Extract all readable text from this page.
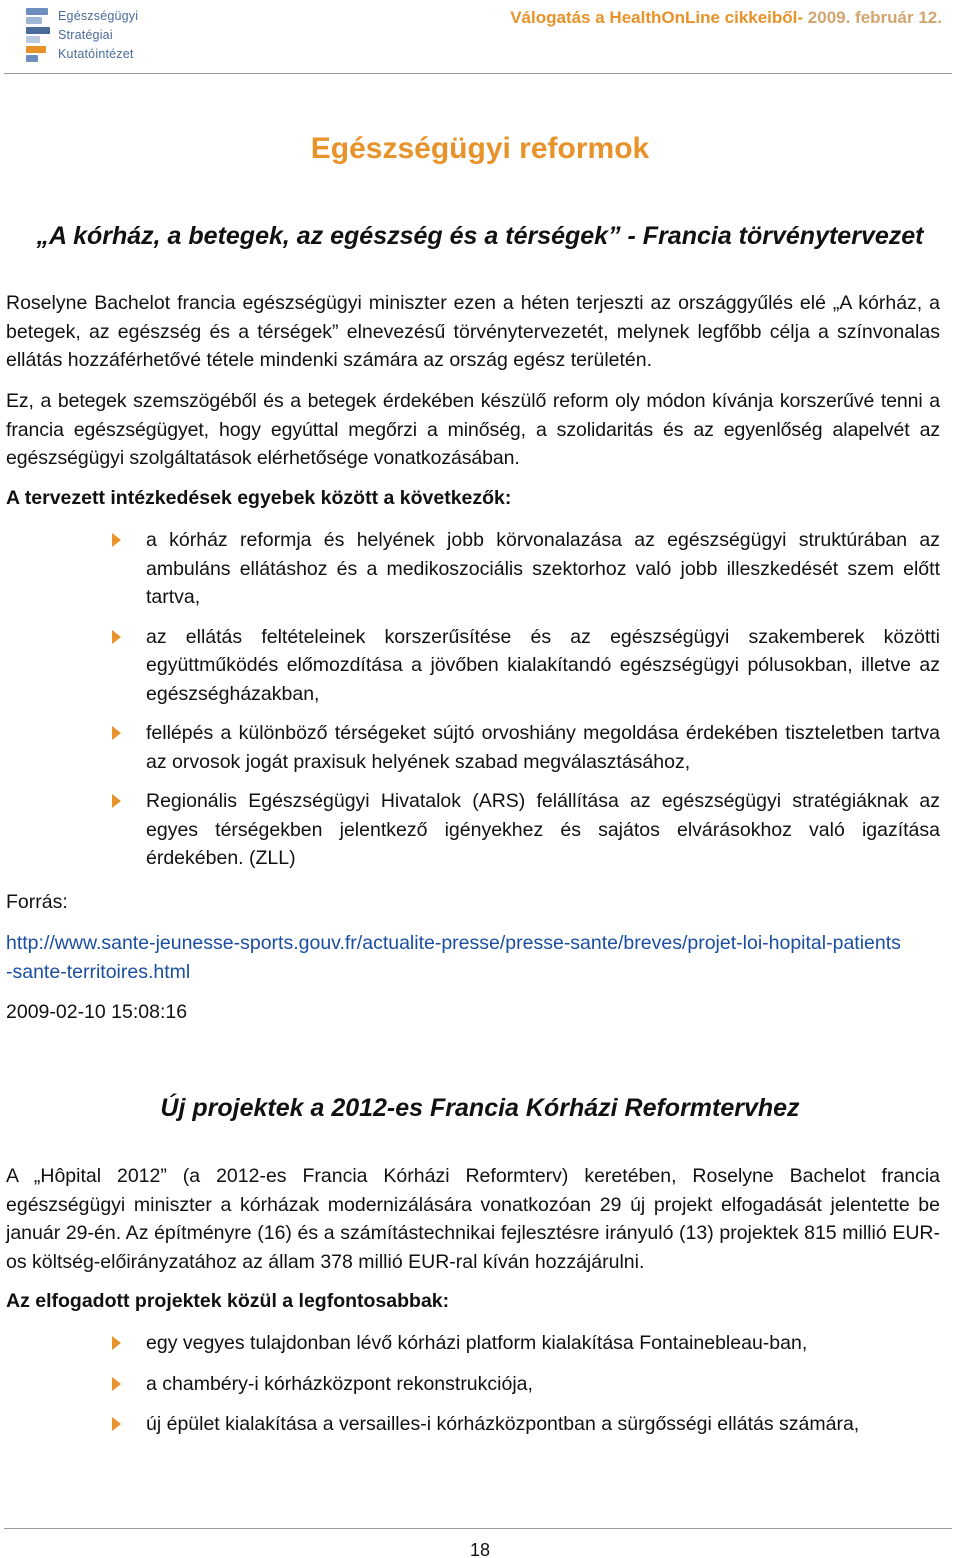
Egészségügyi
Stratégiai
Kutatóintézet
Válogatás a HealthOnLine cikkeiből- 2009. február 12.
Egészségügyi reformok
„A kórház, a betegek, az egészség és a térségek” - Francia törvénytervezet
Roselyne Bachelot francia egészségügyi miniszter ezen a héten terjeszti az országgyűlés elé „A kórház, a betegek, az egészség és a térségek” elnevezésű törvénytervezetét, melynek legfőbb célja a színvonalas ellátás hozzáférhetővé tétele mindenki számára az ország egész területén.
Ez, a betegek szemszögéből és a betegek érdekében készülő reform oly módon kívánja korszerűvé tenni a francia egészségügyet, hogy egyúttal megőrzi a minőség, a szolidaritás és az egyenlőség alapelvét az egészségügyi szolgáltatások elérhetősége vonatkozásában.
A tervezett intézkedések egyebek között a következők:
a kórház reformja és helyének jobb körvonalazása az egészségügyi struktúrában az ambuláns ellátáshoz és a medikoszociális szektorhoz való jobb illeszkedését szem előtt tartva,
az ellátás feltételeinek korszerűsítése és az egészségügyi szakemberek közötti együttműködés előmozdítása a jövőben kialakítandó egészségügyi pólusokban, illetve az egészségházakban,
fellépés a különböző térségeket sújtó orvoshiány megoldása érdekében tiszteletben tartva az orvosok jogát praxisuk helyének szabad megválasztásához,
Regionális Egészségügyi Hivatalok (ARS) felállítása az egészségügyi stratégiáknak az egyes térségekben jelentkező igényekhez és sajátos elvárásokhoz való igazítása érdekében. (ZLL)
Forrás:
http://www.sante-jeunesse-sports.gouv.fr/actualite-presse/presse-sante/breves/projet-loi-hopital-patients-sante-territoires.html
2009-02-10 15:08:16
Új projektek a 2012-es Francia Kórházi Reformtervhez
A „Hôpital 2012” (a 2012-es Francia Kórházi Reformterv) keretében, Roselyne Bachelot francia egészségügyi miniszter a kórházak modernizálására vonatkozóan 29 új projekt elfogadását jelentette be január 29-én. Az építményre (16) és a számítástechnikai fejlesztésre irányuló (13) projektek 815 millió EUR-os költség-előirányzatához az állam 378 millió EUR-ral kíván hozzájárulni.
Az elfogadott projektek közül a legfontosabbak:
egy vegyes tulajdonban lévő kórházi platform kialakítása Fontainebleau-ban,
a chambéry-i kórházközpont rekonstrukciója,
új épület kialakítása a versailles-i kórházközpontban a sürgősségi ellátás számára,
18
